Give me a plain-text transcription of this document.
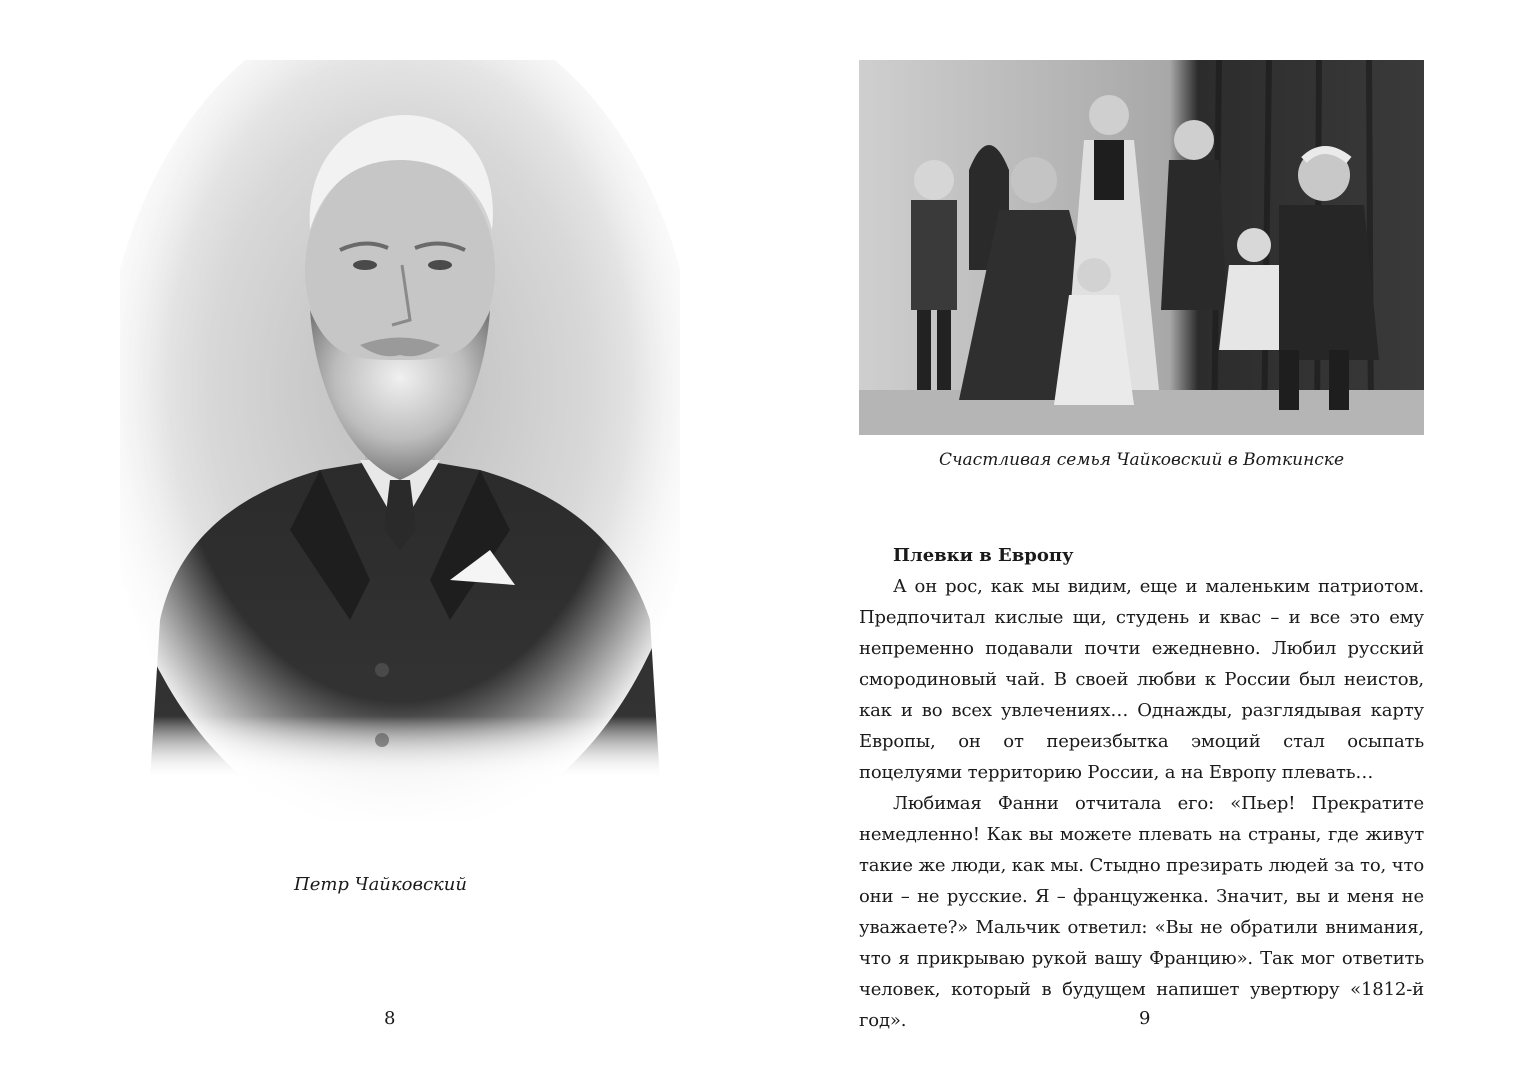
Петр Чайковский
8
Счастливая семья Чайковский в Воткинске

Плевки в Европу

А он рос, как мы видим, еще и маленьким патриотом. Предпочитал кислые щи, студень и квас – и все это ему непременно подавали почти ежедневно. Любил русский смородиновый чай. В своей любви к России был неистов, как и во всех увлечениях… Однажды, разглядывая карту Европы, он от переизбытка эмоций стал осыпать поцелуями территорию России, а на Европу плевать…

Любимая Фанни отчитала его: «Пьер! Прекратите немедленно! Как вы можете плевать на страны, где живут такие же люди, как мы. Стыдно презирать людей за то, что они – не русские. Я – француженка. Значит, вы и меня не уважаете?» Мальчик ответил: «Вы не обратили внимания, что я прикрываю рукой вашу Францию». Так мог ответить человек, который в будущем напишет увертюру «1812-й год».	9
